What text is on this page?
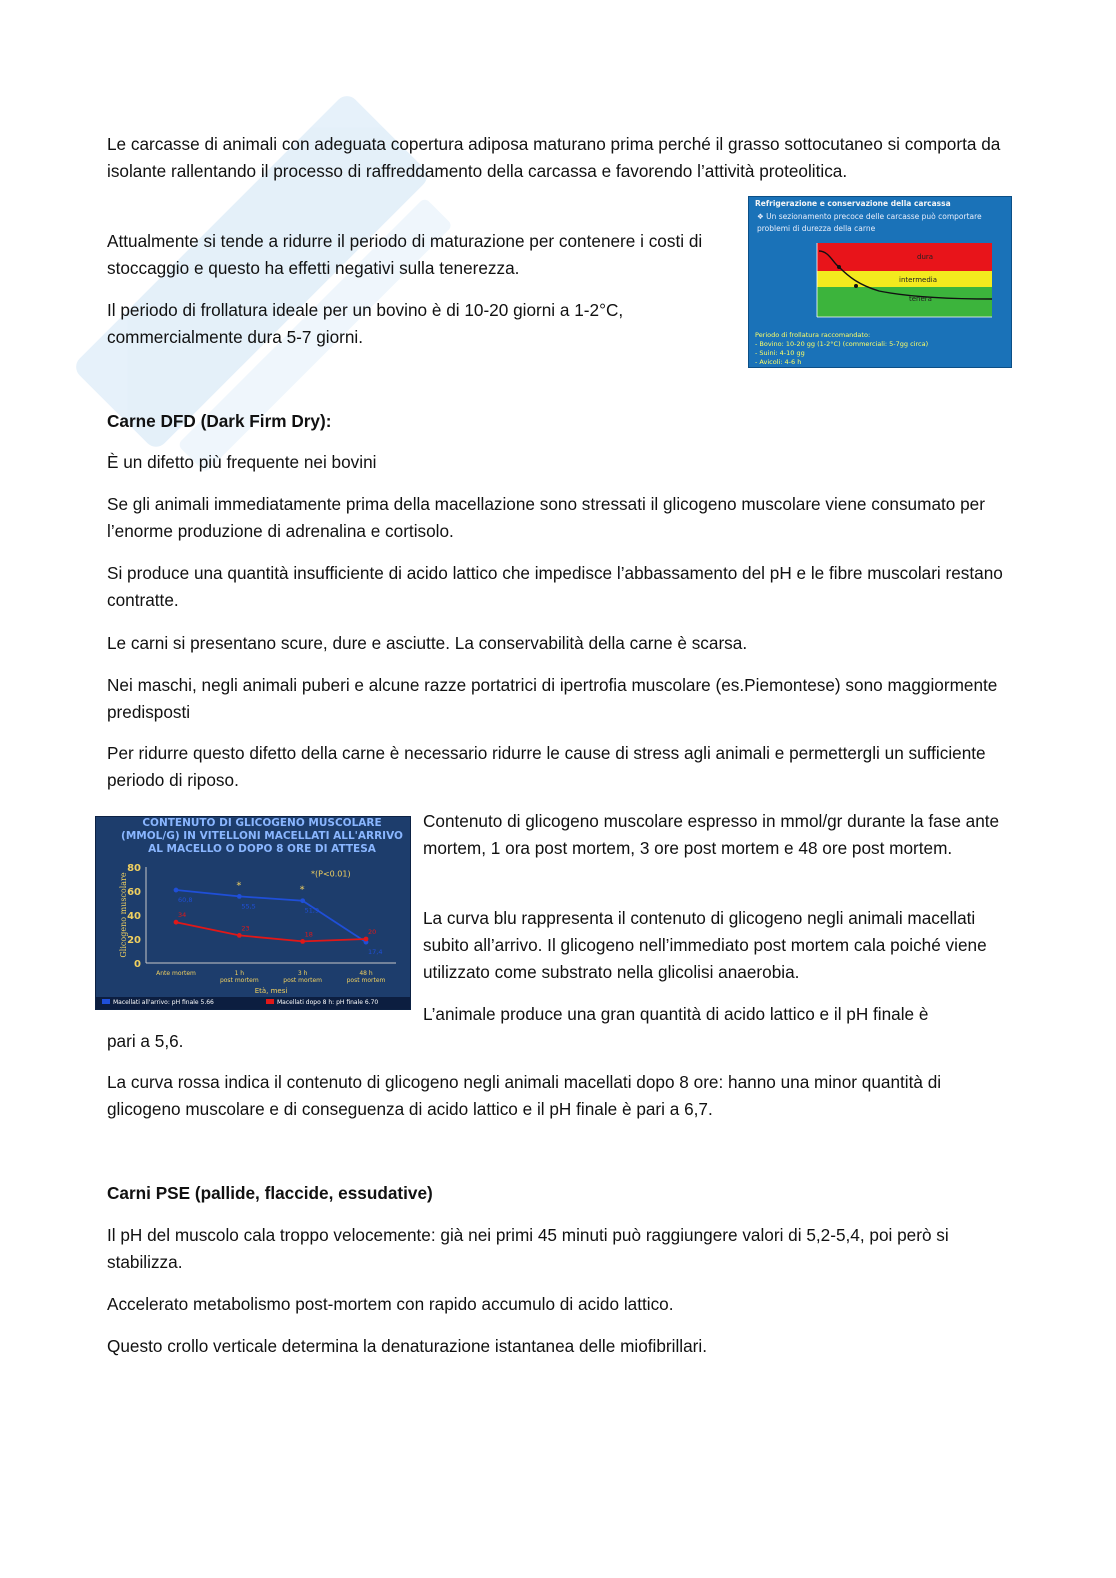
Le carcasse di animali con adeguata copertura adiposa maturano prima perché il grasso sottocutaneo si comporta da isolante rallentando il processo di raffreddamento della carcassa e favorendo l’attività proteolitica.

Attualmente si tende a ridurre il periodo di maturazione per contenere i costi di stoccaggio e questo ha effetti negativi sulla tenerezza.

Il periodo di frollatura ideale per un bovino è di 10-20 giorni a 1-2°C, commercialmente dura 5-7 giorni.

Refrigerazione e conservazione della carcassa
❖ Un sezionamento precoce delle carcasse può comportare problemi di durezza della carne
dura
intermedia
tenera
Periodo di frollatura raccomandato:
- Bovino: 10-20 gg (1-2°C) (commerciali: 5-7gg circa)
- Suini: 4-10 gg
- Avicoli: 4-6 h

Carne DFD (Dark Firm Dry):

È un difetto più frequente nei bovini

Se gli animali immediatamente prima della macellazione sono stressati il glicogeno muscolare viene consumato per l’enorme produzione di adrenalina e cortisolo.

Si produce una quantità insufficiente di acido lattico che impedisce l’abbassamento del pH e le fibre muscolari restano contratte.

Le carni si presentano scure, dure e asciutte. La conservabilità della carne è scarsa.

Nei maschi, negli animali puberi e alcune razze portatrici di ipertrofia muscolare (es.Piemontese) sono maggiormente predisposti

Per ridurre questo difetto della carne è necessario ridurre le cause di stress agli animali e permettergli un sufficiente periodo di riposo.

CONTENUTO DI GLICOGENO MUSCOLARE (ΜMOL/G) IN VITELLONI MACELLATI ALL'ARRIVO AL MACELLO O DOPO 8 ORE DI ATTESA
0
20
40
60
80
Glicogeno muscolare
Ante mortem	1 h
post mortem
3 h
post mortem
48 h
post mortem
Età, mesi
*(P<0.01)
60,8
55,5
51,9
17,4
34
23
18	20
*	*
Macellati all'arrivo: pH finale 5.66	Macellati dopo 8 h: pH finale 6.70

Contenuto di glicogeno muscolare espresso in mmol/gr durante la fase ante mortem, 1 ora post mortem, 3 ore post mortem e 48 ore post mortem.

La curva blu rappresenta il contenuto di glicogeno negli animali macellati subito all’arrivo. Il glicogeno nell’immediato post mortem cala poiché viene utilizzato come substrato nella glicolisi anaerobia.

L’animale produce una gran quantità di acido lattico e il pH finale è

pari a 5,6.

La curva rossa indica il contenuto di glicogeno negli animali macellati dopo 8 ore: hanno una minor quantità di glicogeno muscolare e di conseguenza di acido lattico e il pH finale è pari a 6,7.

Carni PSE (pallide, flaccide, essudative)

Il pH del muscolo cala troppo velocemente: già nei primi 45 minuti può raggiungere valori di 5,2-5,4, poi però si stabilizza.

Accelerato metabolismo post-mortem con rapido accumulo di acido lattico.

Questo crollo verticale determina la denaturazione istantanea delle miofibrillari.
